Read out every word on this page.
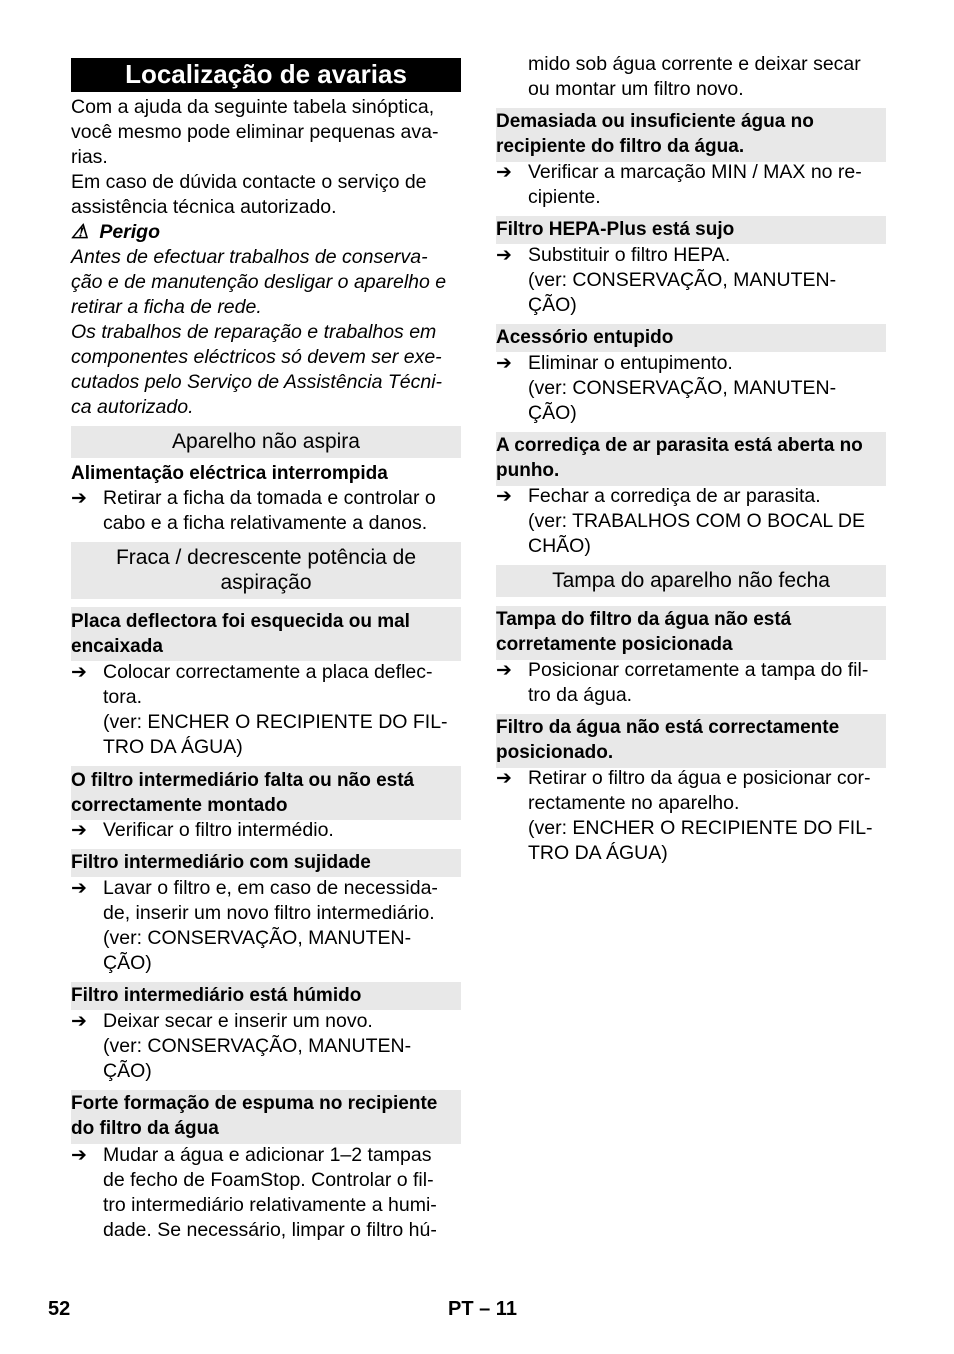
Localização de avarias
Com a ajuda da seguinte tabela sinóptica,
você mesmo pode eliminar pequenas ava-
rias.
Em caso de dúvida contacte o serviço de
assistência técnica autorizado.
⚠ Perigo
Antes de efectuar trabalhos de conserva-
ção e de manutenção desligar o aparelho e
retirar a ficha de rede.
Os trabalhos de reparação e trabalhos em
componentes eléctricos só devem ser exe-
cutados pelo Serviço de Assistência Técni-
ca autorizado.
Aparelho não aspira
Alimentação eléctrica interrompida
➔ Retirar a ficha da tomada e controlar o
cabo e a ficha relativamente a danos.
Fraca / decrescente potência de
aspiração
Placa deflectora foi esquecida ou mal
encaixada
➔ Colocar correctamente a placa deflec-
tora.
(ver: ENCHER O RECIPIENTE DO FIL-
TRO DA ÁGUA)
O filtro intermediário falta ou não está
correctamente montado
➔ Verificar o filtro intermédio.
Filtro intermediário com sujidade
➔ Lavar o filtro e, em caso de necessida-
de, inserir um novo filtro intermediário.
(ver: CONSERVAÇÃO, MANUTEN-
ÇÃO)
Filtro intermediário está húmido
➔ Deixar secar e inserir um novo.
(ver: CONSERVAÇÃO, MANUTEN-
ÇÃO)
Forte formação de espuma no recipiente
do filtro da água
➔ Mudar a água e adicionar 1–2 tampas
de fecho de FoamStop. Controlar o fil-
tro intermediário relativamente a humi-
dade. Se necessário, limpar o filtro hú-
mido sob água corrente e deixar secar
ou montar um filtro novo.
Demasiada ou insuficiente água no
recipiente do filtro da água.
➔ Verificar a marcação MIN / MAX no re-
cipiente.
Filtro HEPA-Plus está sujo
➔ Substituir o filtro HEPA.
(ver: CONSERVAÇÃO, MANUTEN-
ÇÃO)
Acessório entupido
➔ Eliminar o entupimento.
(ver: CONSERVAÇÃO, MANUTEN-
ÇÃO)
A corrediça de ar parasita está aberta no
punho.
➔ Fechar a corrediça de ar parasita.
(ver: TRABALHOS COM O BOCAL DE
CHÃO)
Tampa do aparelho não fecha
Tampa do filtro da água não está
corretamente posicionada
➔ Posicionar corretamente a tampa do fil-
tro da água.
Filtro da água não está correctamente
posicionado.
➔ Retirar o filtro da água e posicionar cor-
rectamente no aparelho.
(ver: ENCHER O RECIPIENTE DO FIL-
TRO DA ÁGUA)
52	PT – 11
